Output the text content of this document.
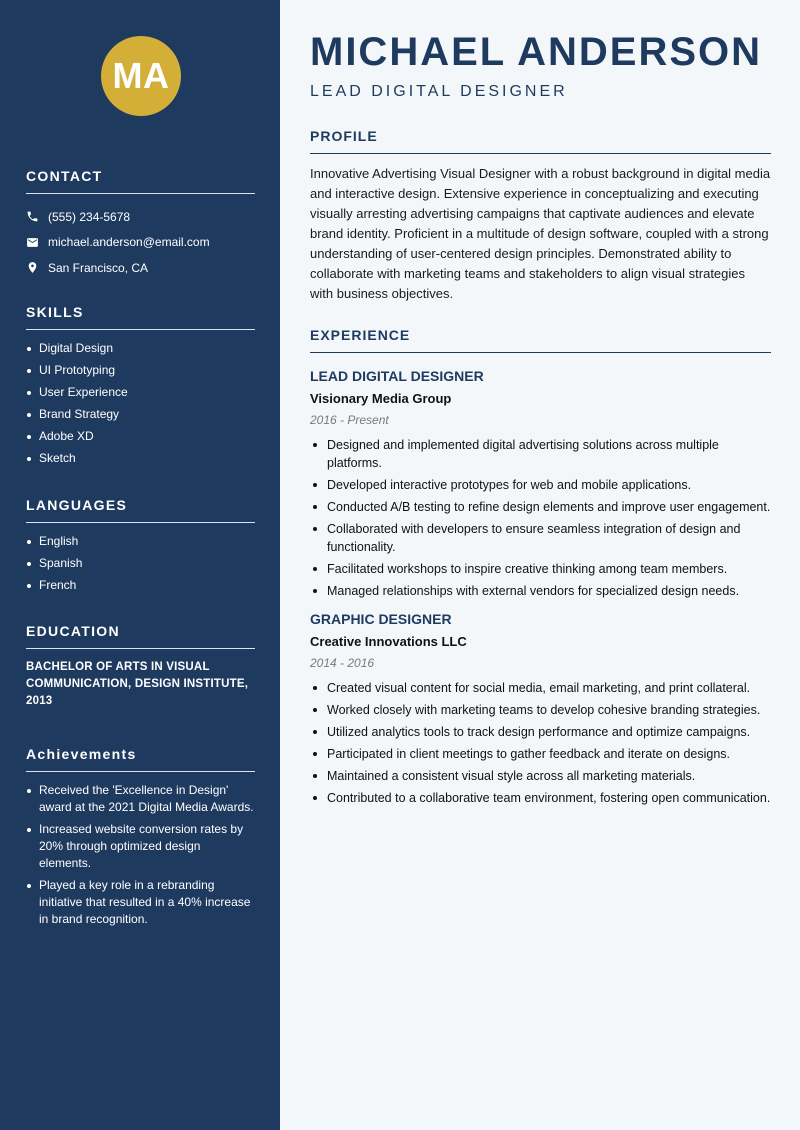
MA
CONTACT
(555) 234-5678
michael.anderson@email.com
San Francisco, CA
SKILLS
Digital Design
UI Prototyping
User Experience
Brand Strategy
Adobe XD
Sketch
LANGUAGES
English
Spanish
French
EDUCATION
BACHELOR OF ARTS IN VISUAL COMMUNICATION, DESIGN INSTITUTE, 2013
Achievements
Received the 'Excellence in Design' award at the 2021 Digital Media Awards.
Increased website conversion rates by 20% through optimized design elements.
Played a key role in a rebranding initiative that resulted in a 40% increase in brand recognition.
MICHAEL ANDERSON
LEAD DIGITAL DESIGNER
PROFILE

Innovative Advertising Visual Designer with a robust background in digital media and interactive design. Extensive experience in conceptualizing and executing visually arresting advertising campaigns that captivate audiences and elevate brand identity. Proficient in a multitude of design software, coupled with a strong understanding of user-centered design principles. Demonstrated ability to collaborate with marketing teams and stakeholders to align visual strategies with business objectives.

EXPERIENCE
LEAD DIGITAL DESIGNER
Visionary Media Group
2016 - Present
Designed and implemented digital advertising solutions across multiple platforms.
Developed interactive prototypes for web and mobile applications.
Conducted A/B testing to refine design elements and improve user engagement.
Collaborated with developers to ensure seamless integration of design and functionality.
Facilitated workshops to inspire creative thinking among team members.
Managed relationships with external vendors for specialized design needs.
GRAPHIC DESIGNER
Creative Innovations LLC
2014 - 2016
Created visual content for social media, email marketing, and print collateral.
Worked closely with marketing teams to develop cohesive branding strategies.
Utilized analytics tools to track design performance and optimize campaigns.
Participated in client meetings to gather feedback and iterate on designs.
Maintained a consistent visual style across all marketing materials.
Contributed to a collaborative team environment, fostering open communication.
